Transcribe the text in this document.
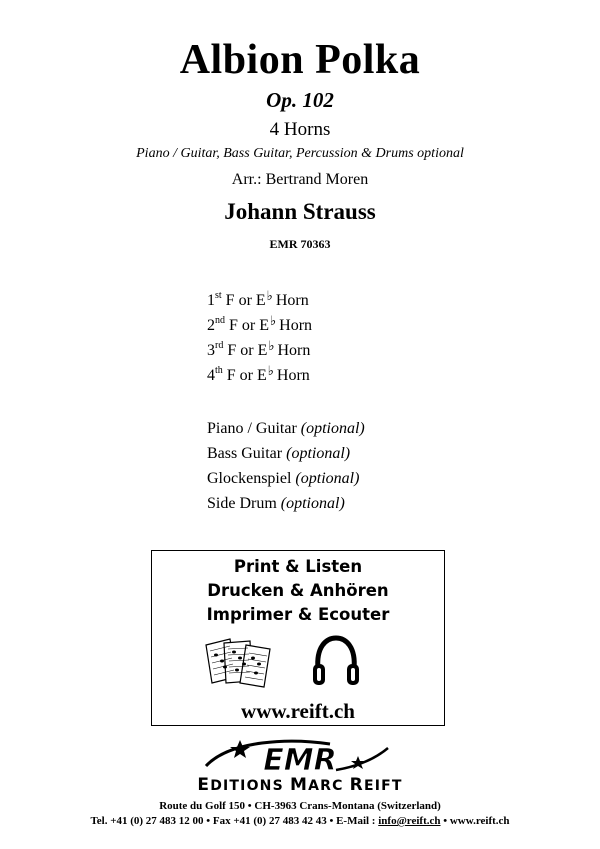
Albion Polka
Op. 102
4 Horns
Piano / Guitar, Bass Guitar, Percussion & Drums optional
Arr.: Bertrand Moren
Johann Strauss
EMR 70363
1st F or E♭ Horn
2nd F or E♭ Horn
3rd F or E♭ Horn
4th F or E♭ Horn
Piano / Guitar (optional)
Bass Guitar (optional)
Glockenspiel (optional)
Side Drum (optional)
Print & Listen
Drucken & Anhören
Imprimer & Ecouter
www.reift.ch
EMR
EDITIONS MARC REIFT
Route du Golf 150 • CH-3963 Crans-Montana (Switzerland)
Tel. +41 (0) 27 483 12 00 • Fax +41 (0) 27 483 42 43 • E-Mail : info@reift.ch • www.reift.ch
